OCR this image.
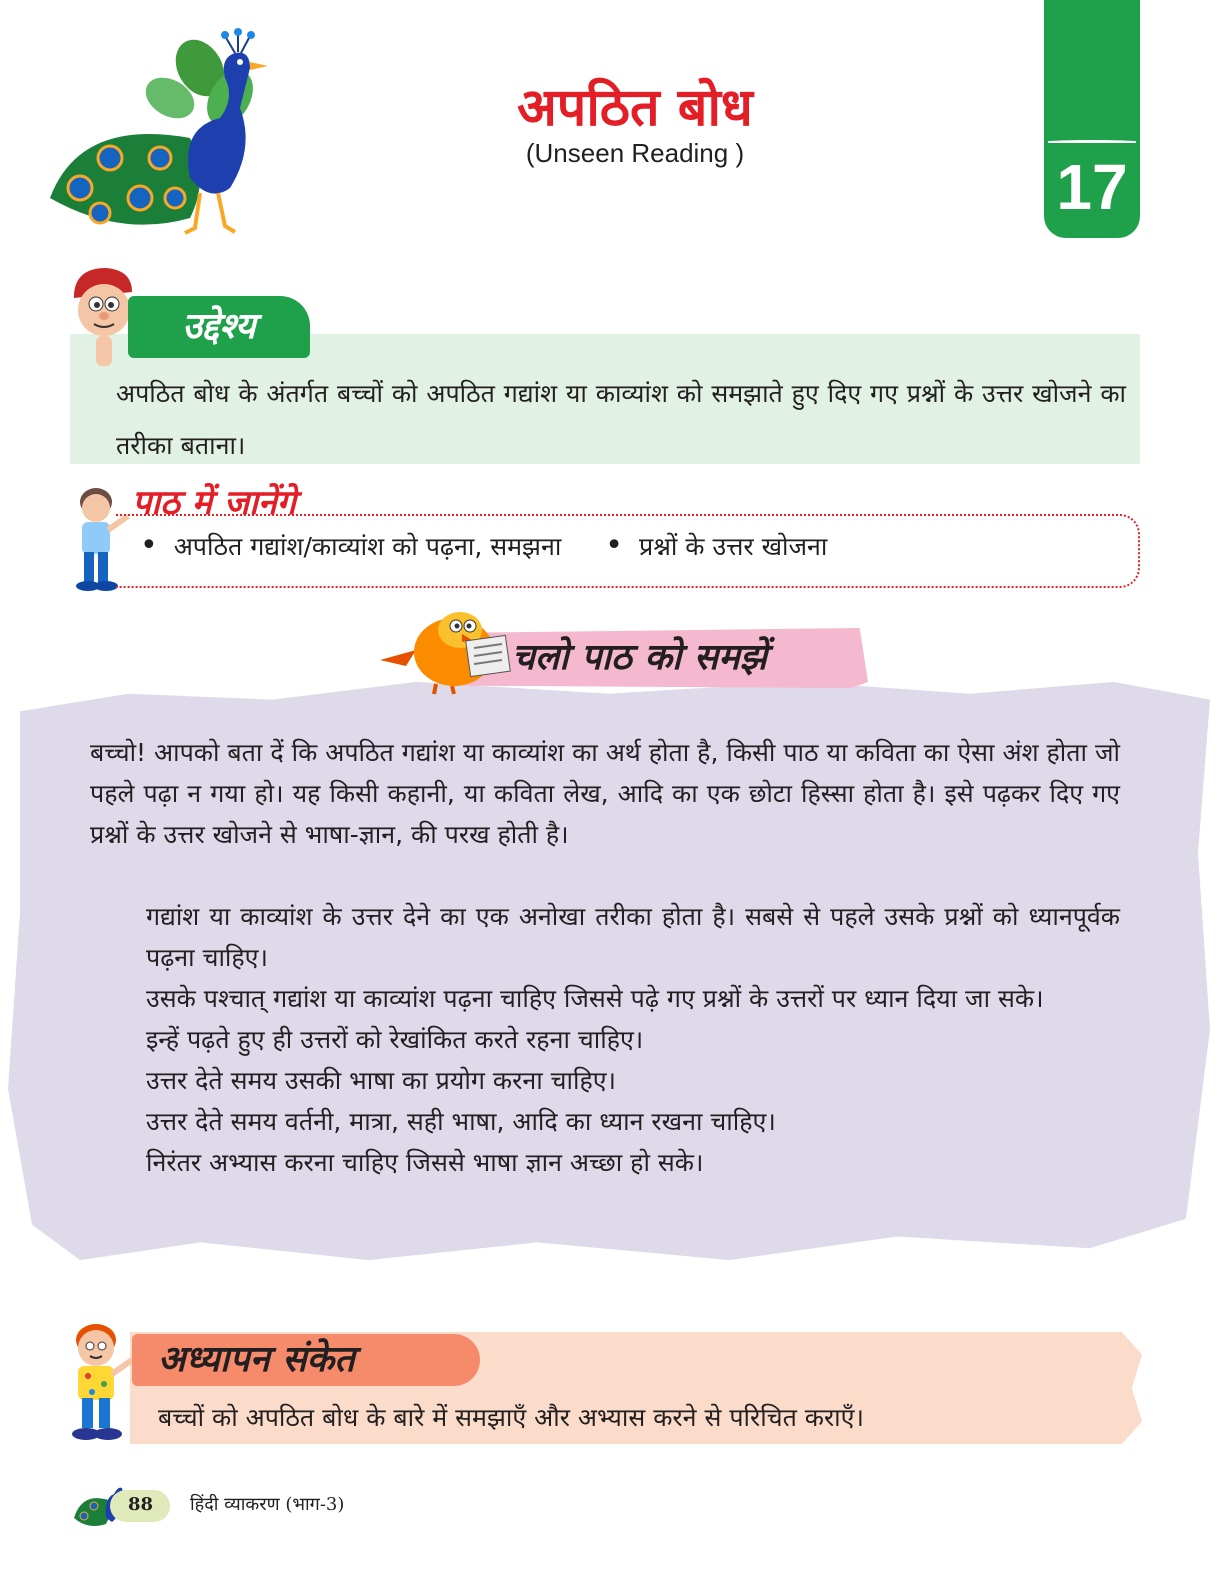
अपठित बोध
(Unseen Reading )	17
उद्देश्य
अपठित बोध के अंतर्गत बच्चों को अपठित गद्यांश या काव्यांश को समझाते हुए दिए गए प्रश्नों के उत्तर खोजने का तरीका बताना।
पाठ में जानेंगे
• अपठित गद्यांश/काव्यांश को पढ़ना, समझना • प्रश्नों के उत्तर खोजना
चलो पाठ को समझें
बच्चो! आपको बता दें कि अपठित गद्यांश या काव्यांश का अर्थ होता है, किसी पाठ या कविता का ऐसा अंश होता जो पहले पढ़ा न गया हो। यह किसी कहानी, या कविता लेख, आदि का एक छोटा हिस्सा होता है। इसे पढ़कर दिए गए प्रश्नों के उत्तर खोजने से भाषा-ज्ञान, की परख होती है।
गद्यांश या काव्यांश के उत्तर देने का एक अनोखा तरीका होता है। सबसे से पहले उसके प्रश्नों को ध्यानपूर्वक पढ़ना चाहिए।
उसके पश्चात् गद्यांश या काव्यांश पढ़ना चाहिए जिससे पढ़े गए प्रश्नों के उत्तरों पर ध्यान दिया जा सके।
इन्हें पढ़ते हुए ही उत्तरों को रेखांकित करते रहना चाहिए।
उत्तर देते समय उसकी भाषा का प्रयोग करना चाहिए।
उत्तर देते समय वर्तनी, मात्रा, सही भाषा, आदि का ध्यान रखना चाहिए।
निरंतर अभ्यास करना चाहिए जिससे भाषा ज्ञान अच्छा हो सके।
अध्यापन संकेत
बच्चों को अपठित बोध के बारे में समझाएँ और अभ्यास करने से परिचित कराएँ।
88 हिंदी व्याकरण (भाग-3)
